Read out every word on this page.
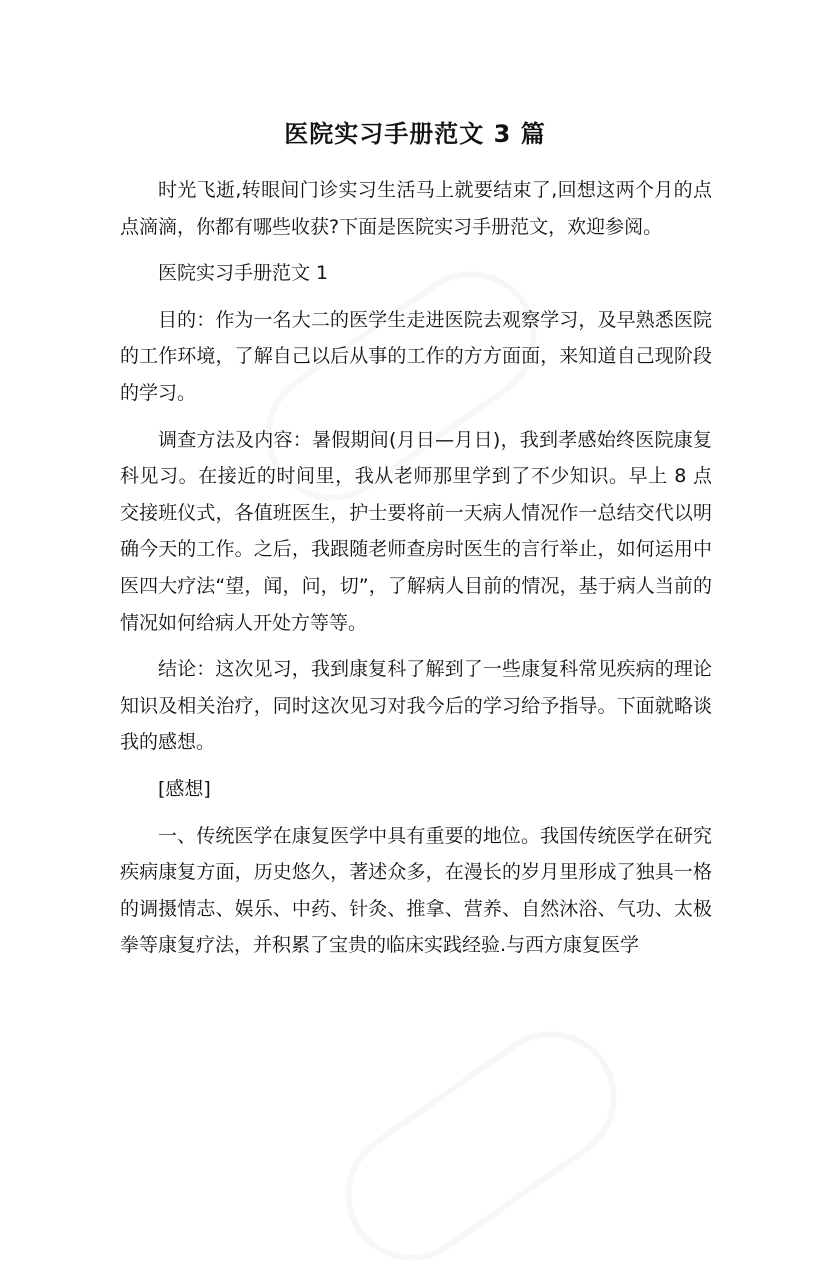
医院实习手册范文 3 篇

时光飞逝,转眼间门诊实习生活马上就要结束了,回想这两个月的点点滴滴，你都有哪些收获?下面是医院实习手册范文，欢迎参阅。

医院实习手册范文 1

目的：作为一名大二的医学生走进医院去观察学习，及早熟悉医院的工作环境，了解自己以后从事的工作的方方面面，来知道自己现阶段的学习。

调查方法及内容：暑假期间(月日—月日)，我到孝感始终医院康复科见习。在接近的时间里，我从老师那里学到了不少知识。早上 8 点交接班仪式，各值班医生，护士要将前一天病人情况作一总结交代以明确今天的工作。之后，我跟随老师查房时医生的言行举止，如何运用中医四大疗法“望，闻，问，切”，了解病人目前的情况，基于病人当前的情况如何给病人开处方等等。

结论：这次见习，我到康复科了解到了一些康复科常见疾病的理论知识及相关治疗，同时这次见习对我今后的学习给予指导。下面就略谈我的感想。

[感想]

一、传统医学在康复医学中具有重要的地位。我国传统医学在研究疾病康复方面，历史悠久，著述众多，在漫长的岁月里形成了独具一格的调摄情志、娱乐、中药、针灸、推拿、营养、自然沐浴、气功、太极拳等康复疗法，并积累了宝贵的临床实践经验.与西方康复医学
